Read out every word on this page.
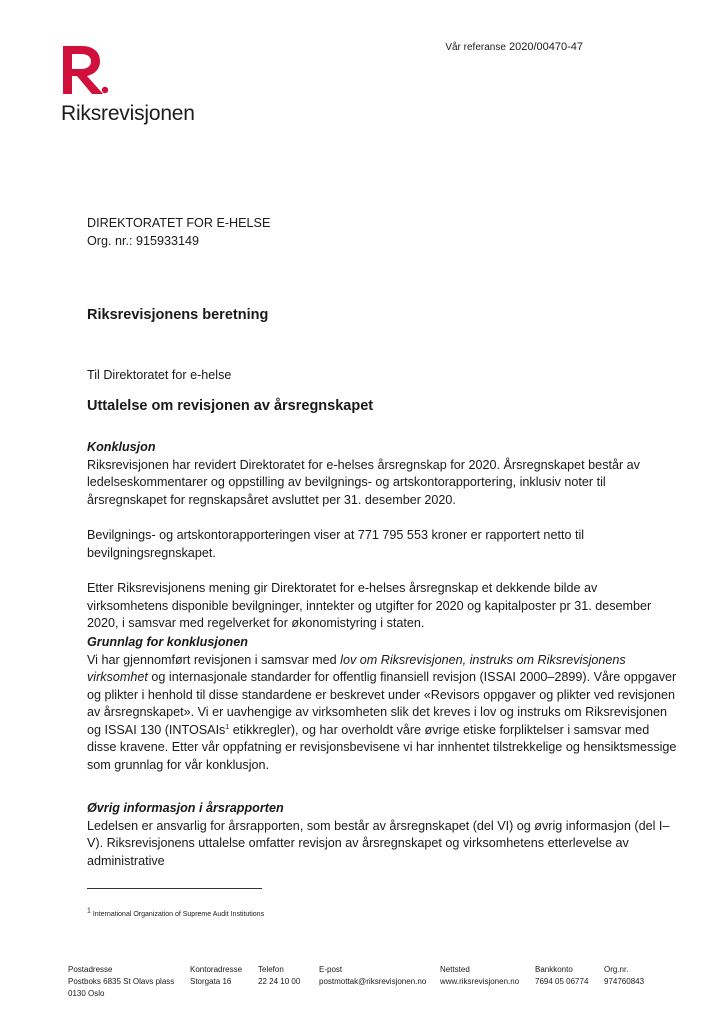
Riksrevisjonen
Vår referanse 2020/00470-47

DIREKTORATET FOR E-HELSE

Org. nr.: 915933149

Riksrevisjonens beretning

Til Direktoratet for e-helse

Uttalelse om revisjonen av årsregnskapet
Konklusjon

Riksrevisjonen har revidert Direktoratet for e-helses årsregnskap for 2020. Årsregnskapet består av ledelseskommentarer og oppstilling av bevilgnings- og artskontorapportering, inklusiv noter til årsregnskapet for regnskapsåret avsluttet per 31. desember 2020.

Bevilgnings- og artskontorapporteringen viser at 771 795 553 kroner er rapportert netto til bevilgningsregnskapet.

Etter Riksrevisjonens mening gir Direktoratet for e-helses årsregnskap et dekkende bilde av virksomhetens disponible bevilgninger, inntekter og utgifter for 2020 og kapitalposter pr 31. desember 2020, i samsvar med regelverket for økonomistyring i staten.

Grunnlag for konklusjonen

Vi har gjennomført revisjonen i samsvar med lov om Riksrevisjonen, instruks om Riksrevisjonens virksomhet og internasjonale standarder for offentlig finansiell revisjon (ISSAI 2000–2899). Våre oppgaver og plikter i henhold til disse standardene er beskrevet under «Revisors oppgaver og plikter ved revisjonen av årsregnskapet». Vi er uavhengige av virksomheten slik det kreves i lov og instruks om Riksrevisjonen og ISSAI 130 (INTOSAIs$^1$ etikkregler), og har overholdt våre øvrige etiske forpliktelser i samsvar med disse kravene. Etter vår oppfatning er revisjonsbevisene vi har innhentet tilstrekkelige og hensiktsmessige som grunnlag for vår konklusjon.

Øvrig informasjon i årsrapporten

Ledelsen er ansvarlig for årsrapporten, som består av årsregnskapet (del VI) og øvrig informasjon (del I–V). Riksrevisjonens uttalelse omfatter revisjon av årsregnskapet og virksomhetens etterlevelse av administrative

$^1$ International Organization of Supreme Audit Institutions
Postadresse
Postboks 6835 St Olavs plass
0130 Oslo
Kontoradresse
Storgata 16
Telefon
22 24 10 00
E-post
postmottak@riksrevisjonen.no
Nettsted
www.riksrevisjonen.no
Bankkonto
7694 05 06774
Org.nr.
974760843
